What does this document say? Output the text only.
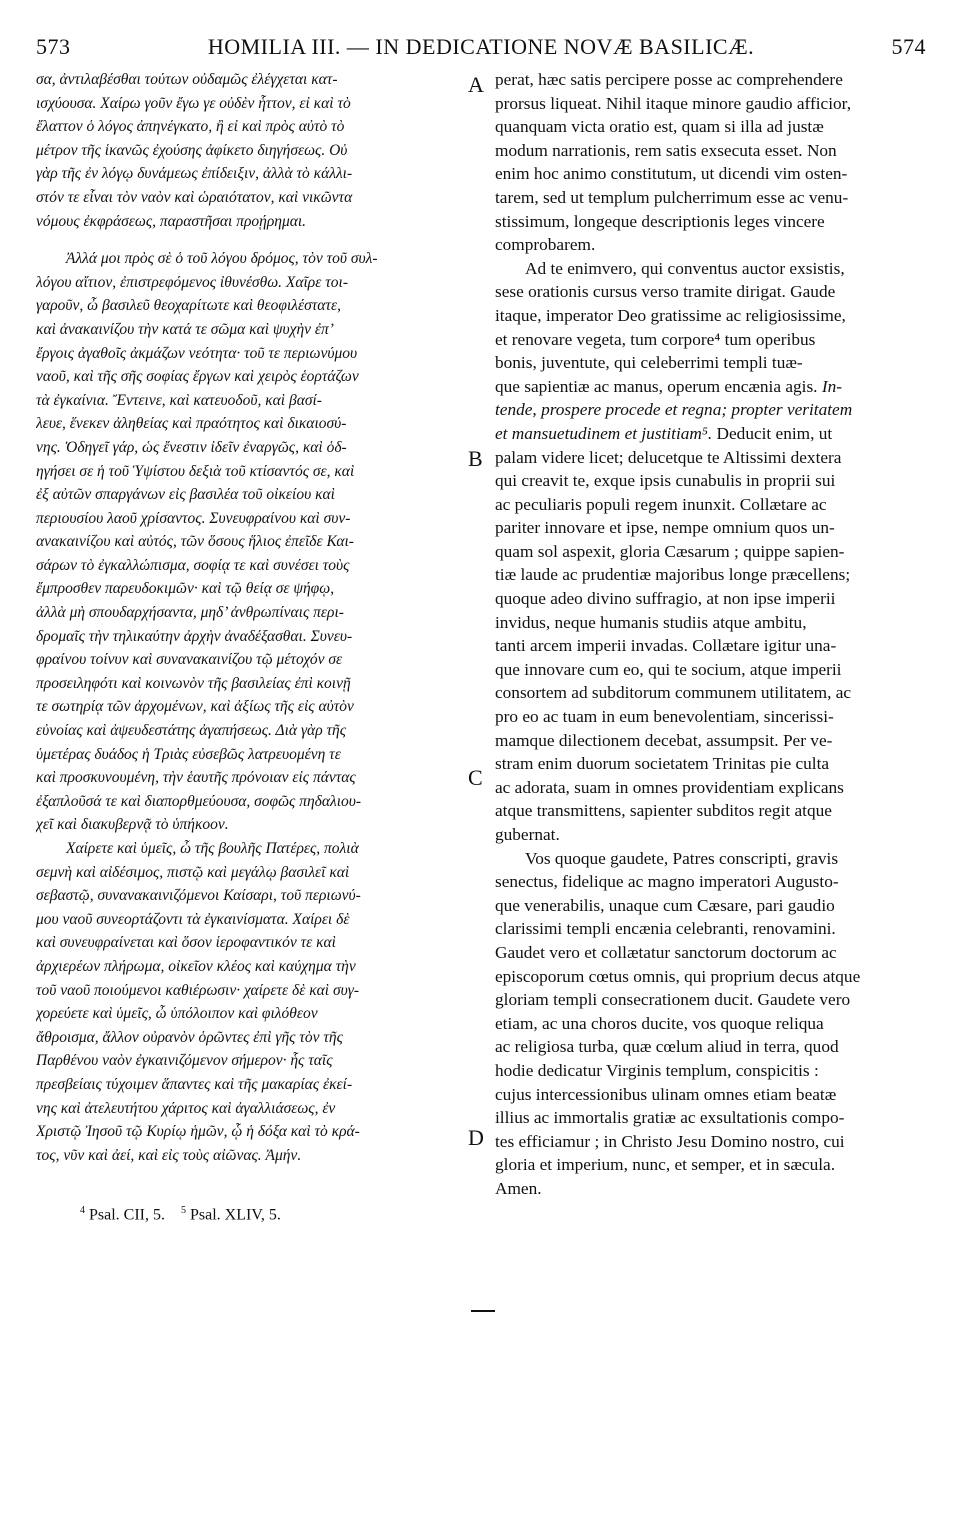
573	HOMILIA III. — IN DEDICATIONE NOVÆ BASILICÆ.	574
σα, ἀντιλαβέσθαι τούτων οὐδαμῶς ἐλέγχεται κατ-
ισχύουσα. Χαίρω γοῦν ἔγω γε οὐδὲν ἧττον, εἰ καὶ τὸ
ἔλαττον ὁ λόγος ἀπηνέγκατο, ἢ εἰ καὶ πρὸς αὐτὸ τὸ
μέτρον τῆς ἱκανῶς ἐχούσης ἀφίκετο διηγήσεως. Οὐ
γὰρ τῆς ἐν λόγῳ δυνάμεως ἐπίδειξιν, ἀλλὰ τὸ κάλλι-
στόν τε εἶναι τὸν ναὸν καὶ ὡραιότατον, καὶ νικῶντα
νόμους ἐκφράσεως, παραστῆσαι προῄρημαι.
Ἀλλά μοι πρὸς σὲ ὁ τοῦ λόγου δρόμος, τὸν τοῦ συλ-
λόγου αἴτιον, ἐπιστρεφόμενος ἰθυνέσθω. Χαῖρε τοι-
γαροῦν, ὦ βασιλεῦ θεοχαρίτωτε καὶ θεοφιλέστατε,
καὶ ἀνακαινίζου τὴν κατά τε σῶμα καὶ ψυχὴν ἐπ’
ἔργοις ἀγαθοῖς ἀκμάζων νεότητα· τοῦ τε περιωνύμου
ναοῦ, καὶ τῆς σῆς σοφίας ἔργων καὶ χειρὸς ἑορτάζων
τὰ ἐγκαίνια. Ἔντεινε, καὶ κατευοδοῦ, καὶ βασί-
λευε, ἕνεκεν ἀληθείας καὶ πραότητος καὶ δικαιοσύ-
νης. Ὁδηγεῖ γάρ, ὡς ἔνεστιν ἰδεῖν ἐναργῶς, καὶ ὁδ-
ηγήσει σε ἡ τοῦ Ὑψίστου δεξιὰ τοῦ κτίσαντός σε, καὶ
ἐξ αὐτῶν σπαργάνων εἰς βασιλέα τοῦ οἰκείου καὶ
περιουσίου λαοῦ χρίσαντος. Συνευφραίνου καὶ συν-
ανακαινίζου καὶ αὐτός, τῶν ὅσους ἥλιος ἐπεῖδε Και-
σάρων τὸ ἐγκαλλώπισμα, σοφίᾳ τε καὶ συνέσει τοὺς
ἔμπροσθεν παρευδοκιμῶν· καὶ τῷ θείᾳ σε ψήφῳ,
ἀλλὰ μὴ σπουδαρχήσαντα, μηδ’ ἀνθρωπίναις περι-
δρομαῖς τὴν τηλικαύτην ἀρχὴν ἀναδέξασθαι. Συνευ-
φραίνου τοίνυν καὶ συνανακαινίζου τῷ μέτοχόν σε
προσειληφότι καὶ κοινωνὸν τῆς βασιλείας ἐπὶ κοινῇ
τε σωτηρίᾳ τῶν ἀρχομένων, καὶ ἀξίως τῆς εἰς αὐτὸν
εὐνοίας καὶ ἀψευδεστάτης ἀγαπήσεως. Διὰ γὰρ τῆς
ὑμετέρας δυάδος ἡ Τριὰς εὐσεβῶς λατρευομένη τε
καὶ προσκυνουμένη, τὴν ἑαυτῆς πρόνοιαν εἰς πάντας
ἐξαπλοῦσά τε καὶ διαπορθμεύουσα, σοφῶς πηδαλιου-
χεῖ καὶ διακυβερνᾷ τὸ ὑπήκοον.
Χαίρετε καὶ ὑμεῖς, ὦ τῆς βουλῆς Πατέρες, πολιὰ
σεμνὴ καὶ αἰδέσιμος, πιστῷ καὶ μεγάλῳ βασιλεῖ καὶ
σεβαστῷ, συνανακαινιζόμενοι Καίσαρι, τοῦ περιωνύ-
μου ναοῦ συνεορτάζοντι τὰ ἐγκαινίσματα. Χαίρει δὲ
καὶ συνευφραίνεται καὶ ὅσον ἱεροφαντικόν τε καὶ
ἀρχιερέων πλήρωμα, οἰκεῖον κλέος καὶ καύχημα τὴν
τοῦ ναοῦ ποιούμενοι καθιέρωσιν· χαίρετε δὲ καὶ συγ-
χορεύετε καὶ ὑμεῖς, ὦ ὑπόλοιπον καὶ φιλόθεον
ἄθροισμα, ἄλλον οὐρανὸν ὁρῶντες ἐπὶ γῆς τὸν τῆς
Παρθένου ναὸν ἐγκαινιζόμενον σήμερον· ἧς ταῖς
πρεσβείαις τύχοιμεν ἅπαντες καὶ τῆς μακαρίας ἐκεί-
νης καὶ ἀτελευτήτου χάριτος καὶ ἀγαλλιάσεως, ἐν
Χριστῷ Ἰησοῦ τῷ Κυρίῳ ἡμῶν, ᾧ ἡ δόξα καὶ τὸ κρά-
τος, νῦν καὶ ἀεί, καὶ εἰς τοὺς αἰῶνας. Ἀμήν.
perat, hæc satis percipere posse ac comprehendere
prorsus liqueat. Nihil itaque minore gaudio afficior,
quanquam victa oratio est, quam si illa ad justæ
modum narrationis, rem satis exsecuta esset. Non
enim hoc animo constitutum, ut dicendi vim osten-
tarem, sed ut templum pulcherrimum esse ac venu-
stissimum, longeque descriptionis leges vincere
comprobarem.
Ad te enimvero, qui conventus auctor exsistis,
sese orationis cursus verso tramite dirigat. Gaude
itaque, imperator Deo gratissime ac religiosissime,
et renovare vegeta, tum corpore⁴ tum operibus
bonis, juventute, qui celeberrimi templi tuæ-
que sapientiæ ac manus, operum encænia agis. In-
tende, prospere procede et regna; propter veritatem
et mansuetudinem et justitiam⁵. Deducit enim, ut
palam videre licet; delucetque te Altissimi dextera
qui creavit te, exque ipsis cunabulis in proprii sui
ac peculiaris populi regem inunxit. Collætare ac
pariter innovare et ipse, nempe omnium quos un-
quam sol aspexit, gloria Cæsarum ; quippe sapien-
tiæ laude ac prudentiæ majoribus longe præcellens;
quoque adeo divino suffragio, at non ipse imperii
invidus, neque humanis studiis atque ambitu,
tanti arcem imperii invadas. Collætare igitur una-
que innovare cum eo, qui te socium, atque imperii
consortem ad subditorum communem utilitatem, ac
pro eo ac tuam in eum benevolentiam, sincerissi-
mamque dilectionem decebat, assumpsit. Per ve-
stram enim duorum societatem Trinitas pie culta
ac adorata, suam in omnes providentiam explicans
atque transmittens, sapienter subditos regit atque
gubernat.
Vos quoque gaudete, Patres conscripti, gravis
senectus, fidelique ac magno imperatori Augusto-
que venerabilis, unaque cum Cæsare, pari gaudio
clarissimi templi encænia celebranti, renovamini.
Gaudet vero et collætatur sanctorum doctorum ac
episcoporum cœtus omnis, qui proprium decus atque
gloriam templi consecrationem ducit. Gaudete vero
etiam, ac una choros ducite, vos quoque reliqua
ac religiosa turba, quæ cœlum aliud in terra, quod
hodie dedicatur Virginis templum, conspicitis :
cujus intercessionibus ulinam omnes etiam beatæ
illius ac immortalis gratiæ ac exsultationis compo-
tes efficiamur ; in Christo Jesu Domino nostro, cui
gloria et imperium, nunc, et semper, et in sæcula.
Amen.
A
B
C
D
$^4$ Psal. CII, 5. $^5$ Psal. XLIV, 5.
